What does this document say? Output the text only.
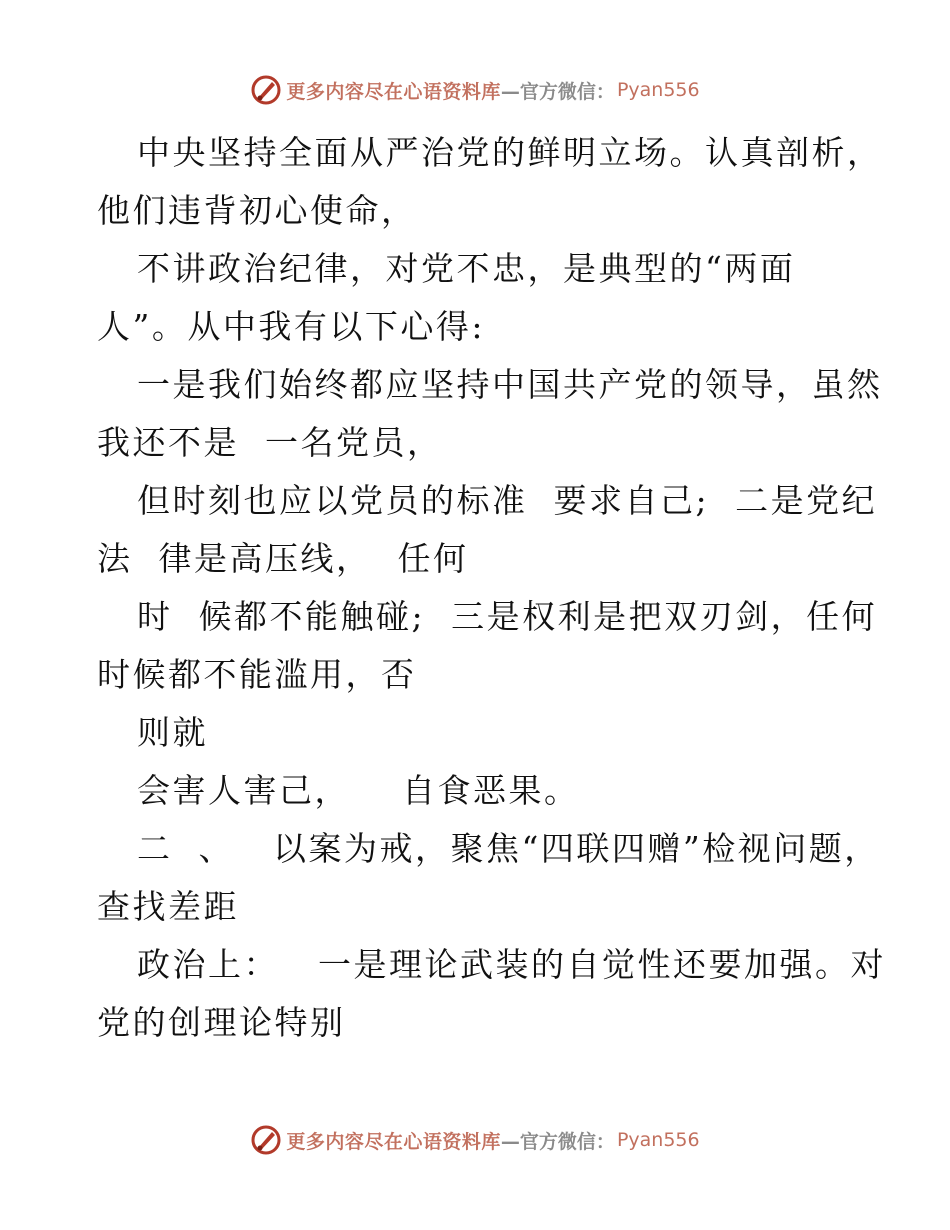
更多内容尽在心语资料库 —官方微信： Pyan556
中央坚持全面从严治党的鲜明立场。认真剖析，
他们违背初心使命，
不讲政治纪律，对党不忠，是典型的“两面
人”。从中我有以下心得:
一是我们始终都应坚持中国共产党的领导，虽然
我还不是  一名党员，
但时刻也应以党员的标准  要求自己;  二是党纪
法  律是高压线，  任何
时  候都不能触碰;  三是权利是把双刃剑，任何
时候都不能滥用，否
则就
会害人害己，    自食恶果。
二  、   以案为戒，聚焦“四联四赠”检视问题，
查找差距
政治上：   一是理论武装的自觉性还要加强。对
党的创理论特别
更多内容尽在心语资料库 —官方微信： Pyan556
